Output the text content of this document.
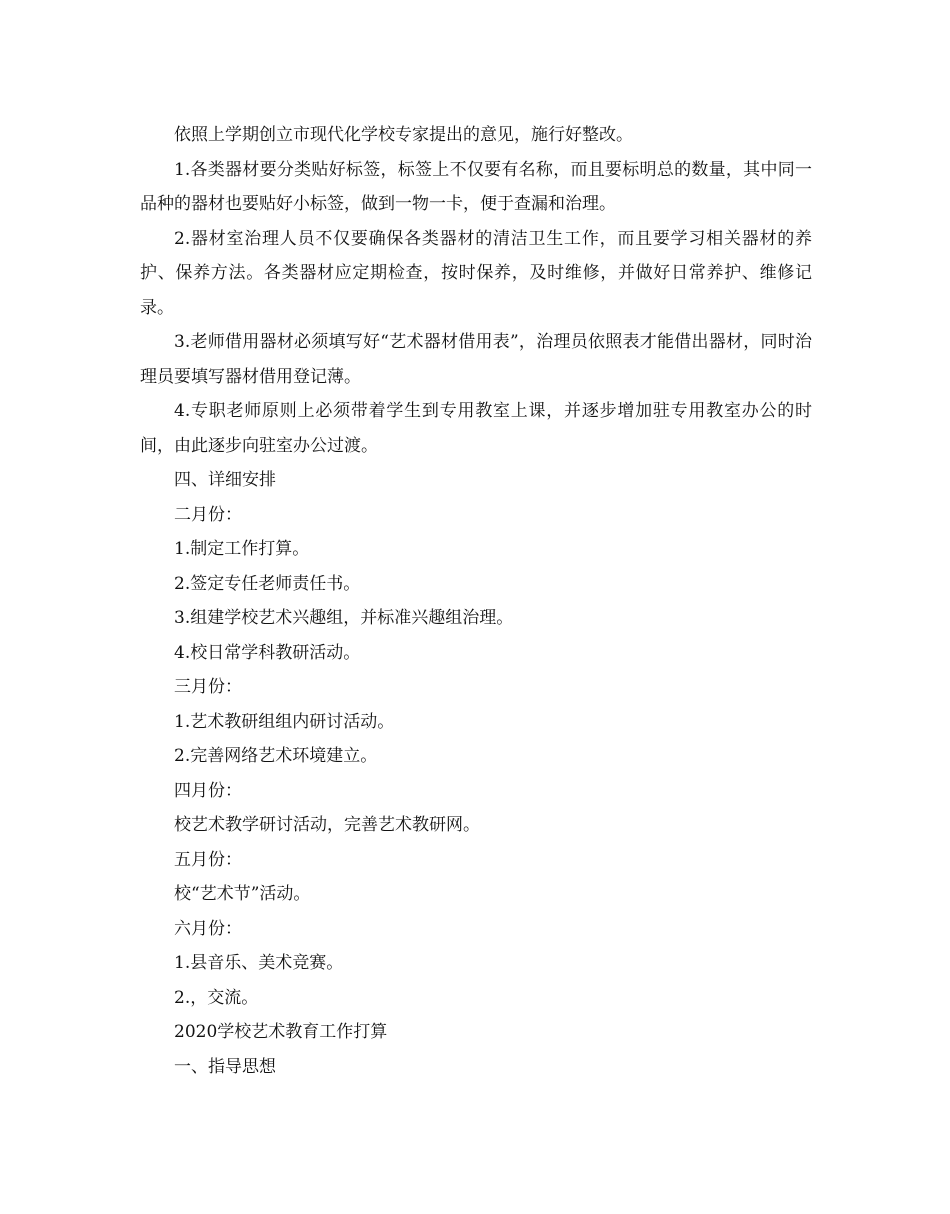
依照上学期创立市现代化学校专家提出的意见，施行好整改。

1.各类器材要分类贴好标签，标签上不仅要有名称，而且要标明总的数量，其中同一品种的器材也要贴好小标签，做到一物一卡，便于查漏和治理。

2.器材室治理人员不仅要确保各类器材的清洁卫生工作，而且要学习相关器材的养护、保养方法。各类器材应定期检查，按时保养，及时维修，并做好日常养护、维修记录。

3.老师借用器材必须填写好“艺术器材借用表”，治理员依照表才能借出器材，同时治理员要填写器材借用登记薄。

4.专职老师原则上必须带着学生到专用教室上课，并逐步增加驻专用教室办公的时间，由此逐步向驻室办公过渡。

四、详细安排

二月份：

1.制定工作打算。

2.签定专任老师责任书。

3.组建学校艺术兴趣组，并标准兴趣组治理。

4.校日常学科教研活动。

三月份：

1.艺术教研组组内研讨活动。

2.完善网络艺术环境建立。

四月份：

校艺术教学研讨活动，完善艺术教研网。

五月份：

校“艺术节”活动。

六月份：

1.县音乐、美术竞赛。

2.，交流。

2020学校艺术教育工作打算

一、指导思想
